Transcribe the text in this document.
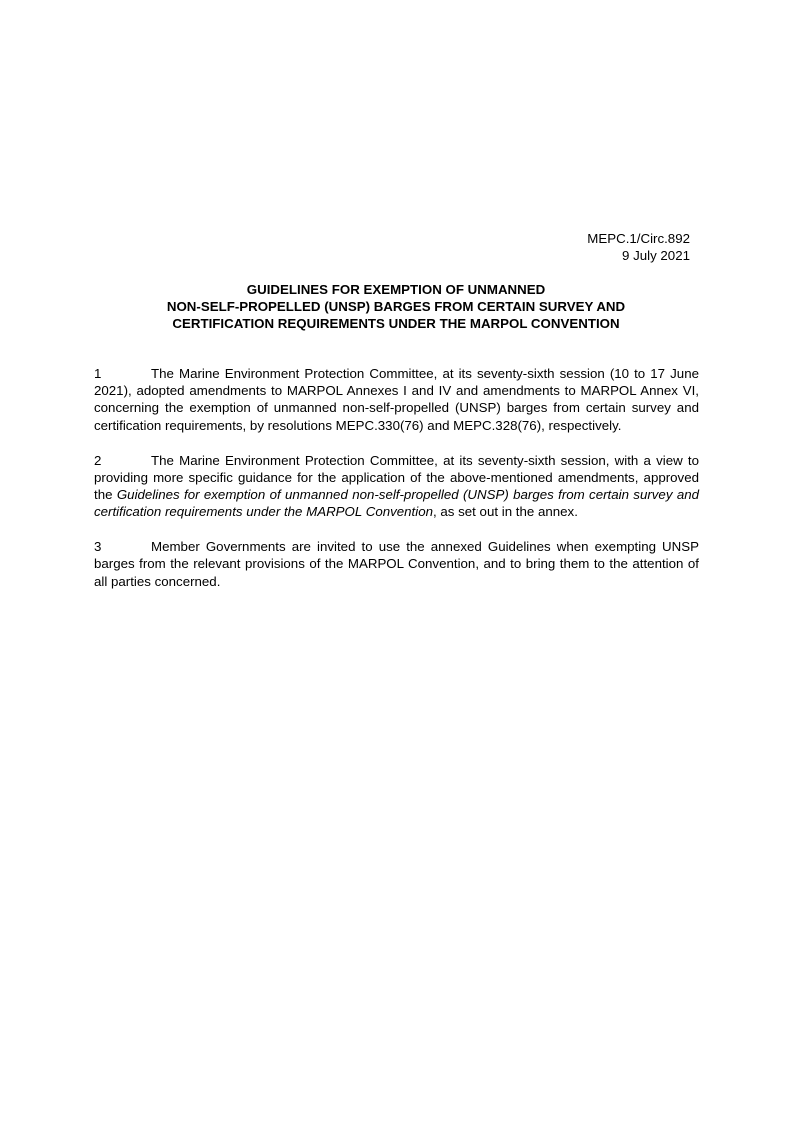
MEPC.1/Circ.892
9 July 2021
GUIDELINES FOR EXEMPTION OF UNMANNED
NON-SELF-PROPELLED (UNSP) BARGES FROM CERTAIN SURVEY AND
CERTIFICATION REQUIREMENTS UNDER THE MARPOL CONVENTION

1	The Marine Environment Protection Committee, at its seventy-sixth session (10 to 17 June 2021), adopted amendments to MARPOL Annexes I and IV and amendments to MARPOL Annex VI, concerning the exemption of unmanned non-self-propelled (UNSP) barges from certain survey and certification requirements, by resolutions MEPC.330(76) and MEPC.328(76), respectively.

2	The Marine Environment Protection Committee, at its seventy-sixth session, with a view to providing more specific guidance for the application of the above-mentioned amendments, approved the Guidelines for exemption of unmanned non-self-propelled (UNSP) barges from certain survey and certification requirements under the MARPOL Convention, as set out in the annex.

3	Member Governments are invited to use the annexed Guidelines when exempting UNSP barges from the relevant provisions of the MARPOL Convention, and to bring them to the attention of all parties concerned.
